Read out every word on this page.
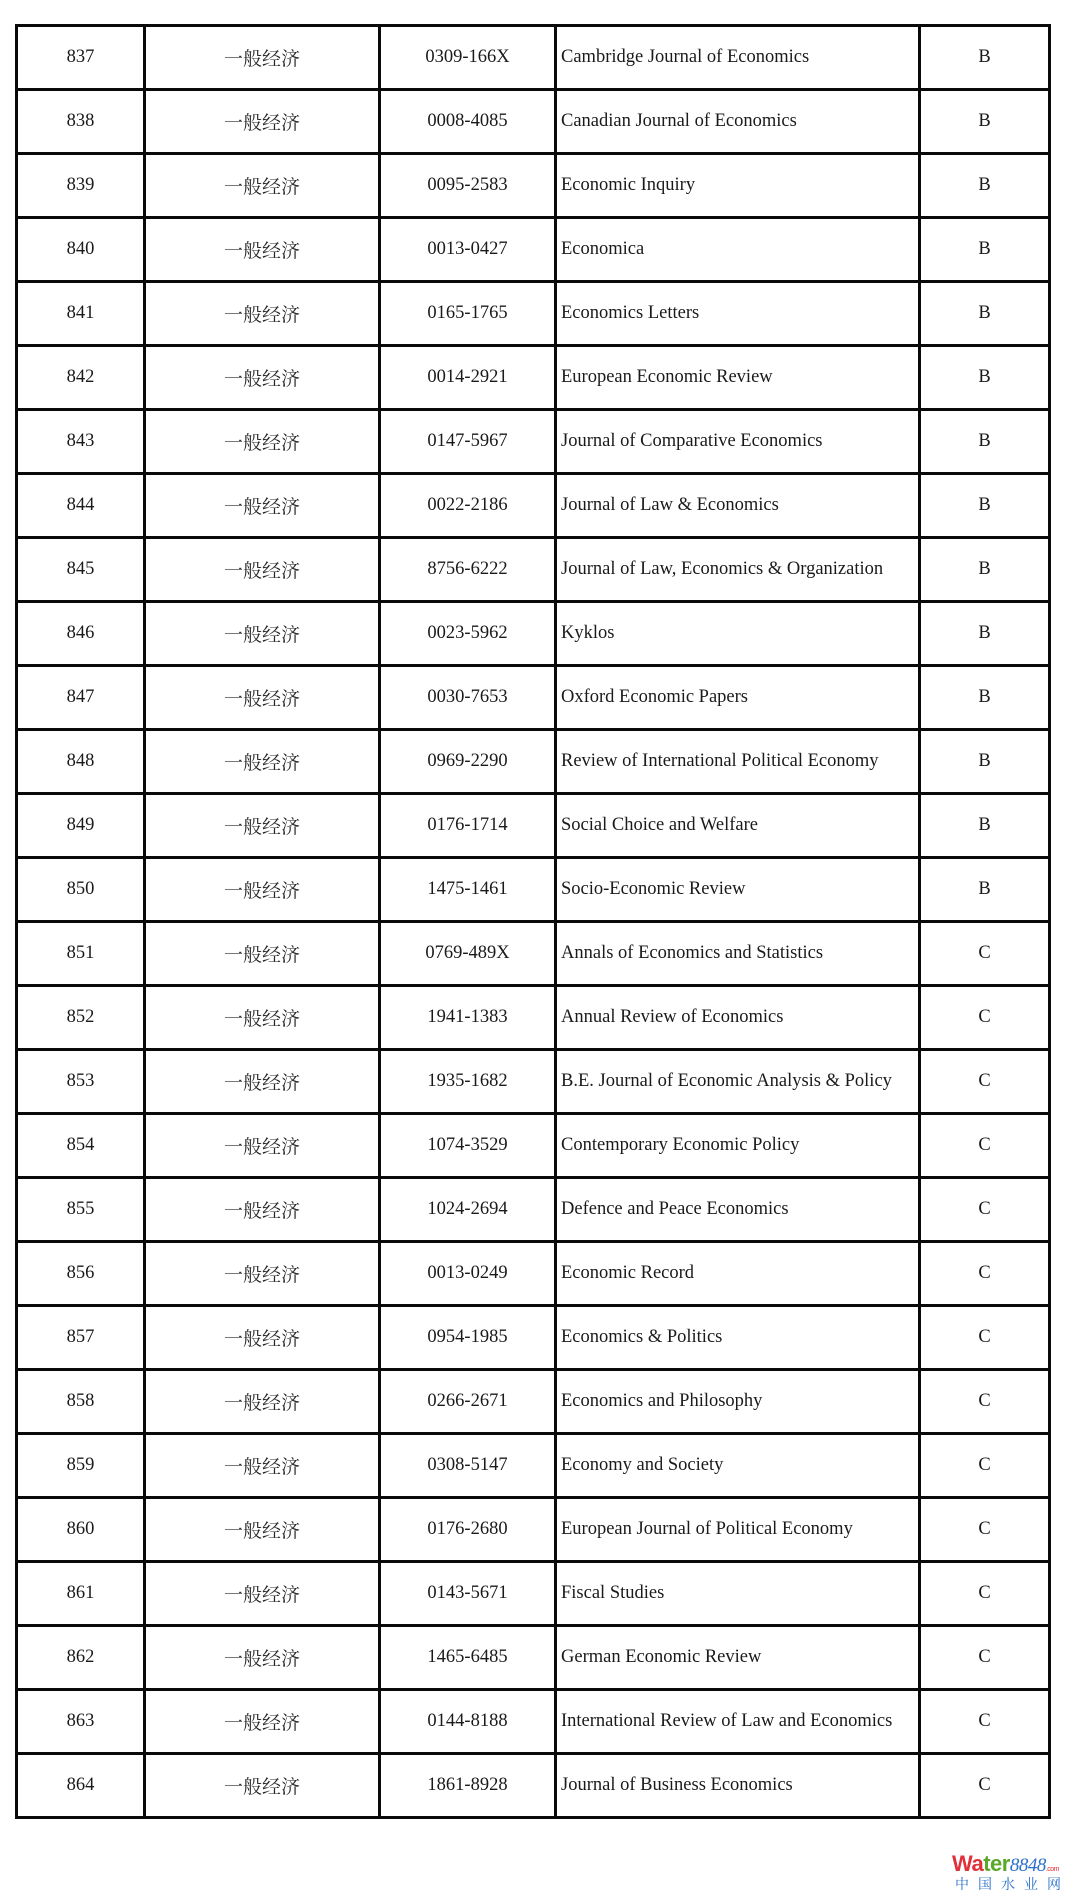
837	一般经济	0309-166X	Cambridge Journal of Economics	B
838	一般经济	0008-4085	Canadian Journal of Economics	B
839	一般经济	0095-2583	Economic Inquiry	B
840	一般经济	0013-0427	Economica	B
841	一般经济	0165-1765	Economics Letters	B
842	一般经济	0014-2921	European Economic Review	B
843	一般经济	0147-5967	Journal of Comparative Economics	B
844	一般经济	0022-2186	Journal of Law & Economics	B
845	一般经济	8756-6222	Journal of Law, Economics & Organization	B
846	一般经济	0023-5962	Kyklos	B
847	一般经济	0030-7653	Oxford Economic Papers	B
848	一般经济	0969-2290	Review of International Political Economy	B
849	一般经济	0176-1714	Social Choice and Welfare	B
850	一般经济	1475-1461	Socio-Economic Review	B
851	一般经济	0769-489X	Annals of Economics and Statistics	C
852	一般经济	1941-1383	Annual Review of Economics	C
853	一般经济	1935-1682	B.E. Journal of Economic Analysis & Policy	C
854	一般经济	1074-3529	Contemporary Economic Policy	C
855	一般经济	1024-2694	Defence and Peace Economics	C
856	一般经济	0013-0249	Economic Record	C
857	一般经济	0954-1985	Economics & Politics	C
858	一般经济	0266-2671	Economics and Philosophy	C
859	一般经济	0308-5147	Economy and Society	C
860	一般经济	0176-2680	European Journal of Political Economy	C
861	一般经济	0143-5671	Fiscal Studies	C
862	一般经济	1465-6485	German Economic Review	C
863	一般经济	0144-8188	International Review of Law and Economics	C
864	一般经济	1861-8928	Journal of Business Economics	C
Water8848.com
中国水业网
